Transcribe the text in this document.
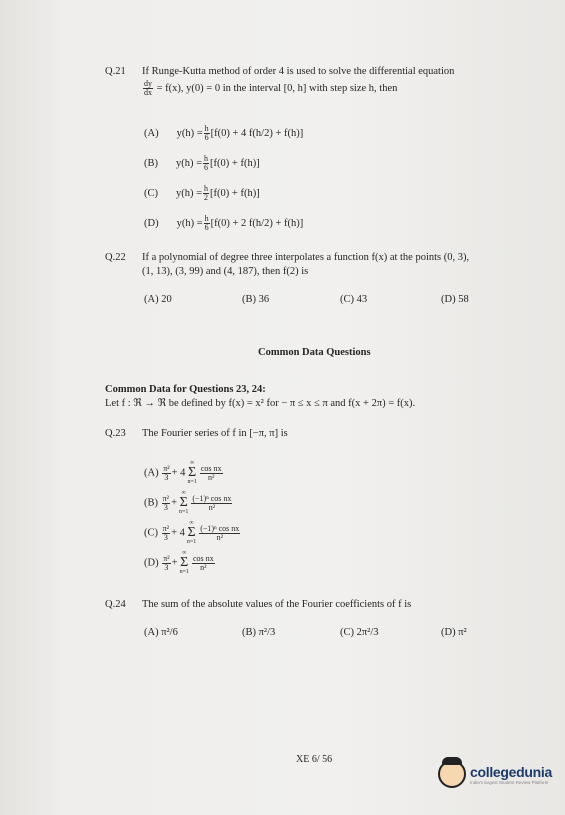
Q.21 If Runge-Kutta method of order 4 is used to solve the differential equation
$\frac{dy}{dx} = f(x)$, y(0) = 0 in the interval [0, h] with step size h, then
(A) $y(h) = \frac{h}{6} [f(0) + 4$ f(h/2) + f(h)]
(B) $y(h) = \frac{h}{6} [f(0) + f(h)]$
(C) $y(h) = \frac{h}{2} [f(0) + f(h)]$
(D) $y(h) = \frac{h}{6} [f(0) + 2$ f(h/2) + f(h)]
Q.22 If a polynomial of degree three interpolates a function f(x) at the points (0, 3),
(1, 13), (3, 99) and (4, 187), then f(2) is
(A) 20	(B) 36	(C) 43	(D) 58
Common Data Questions
Common Data for Questions 23, 24:
Let f : ℜ → ℜ be defined by f(x) = x² for − π ≤ x ≤ π and f(x + 2π) = f(x).
Q.23 The Fourier series of f in [−π, π] is
$(A) \frac{\text{π²}}{3} + 4$
∞
Σ
n=1
$\frac{\text{cos nx}}{\text{n²}}$
$(B) \frac{\text{π²}}{3}$ +
∞
Σ
n=1
$\frac{\text{(−1)ⁿ cos nx}}{\text{n²}}$
$(C) \frac{\text{π²}}{3} + 4$
∞
Σ
n=1
$\frac{\text{(−1)ⁿ cos nx}}{\text{n²}}$
$(D) \frac{\text{π²}}{3}$ +
∞
Σ
n=1
$\frac{\text{cos nx}}{\text{n²}}$
Q.24 The sum of the absolute values of the Fourier coefficients of f is
(A) π²/6	(B) π²/3	(C) 2π²/3	(D) π²
XE 6/ 56
collegedunia
India's largest Student Review Platform
